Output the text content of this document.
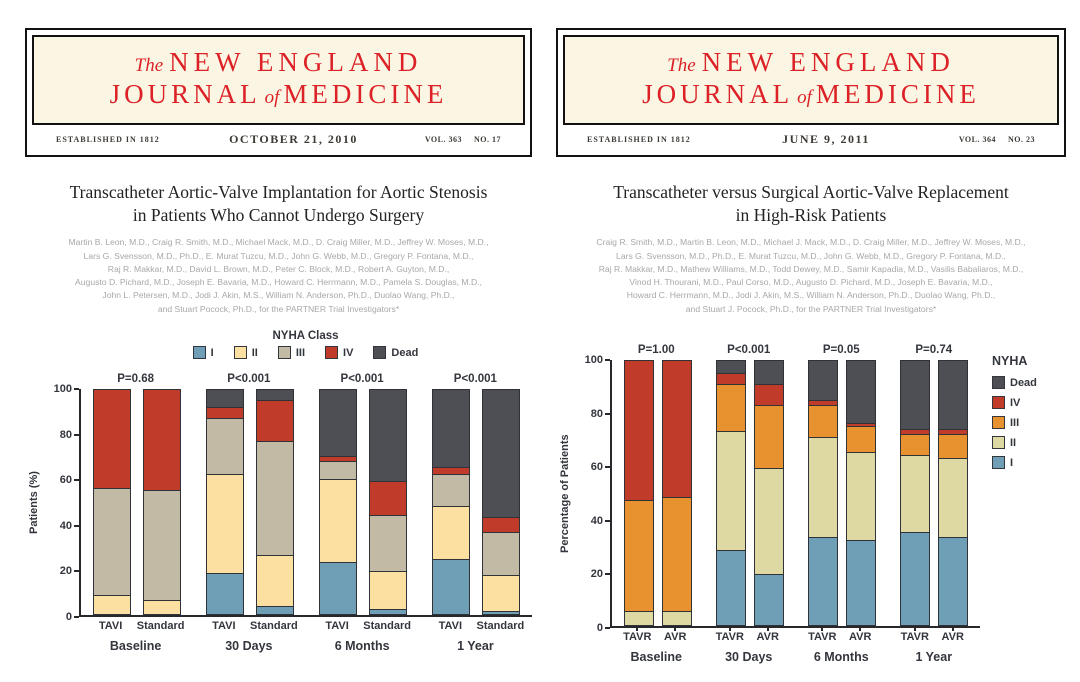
The NEW ENGLAND
JOURNAL of MEDICINE
ESTABLISHED IN 1812	OCTOBER 21, 2010	VOL. 363 NO. 17
Transcatheter Aortic-Valve Implantation for Aortic Stenosis
in Patients Who Cannot Undergo Surgery
Martin B. Leon, M.D., Craig R. Smith, M.D., Michael Mack, M.D., D. Craig Miller, M.D., Jeffrey W. Moses, M.D.,
Lars G. Svensson, M.D., Ph.D., E. Murat Tuzcu, M.D., John G. Webb, M.D., Gregory P. Fontana, M.D.,
Raj R. Makkar, M.D., David L. Brown, M.D., Peter C. Block, M.D., Robert A. Guyton, M.D.,
Augusto D. Pichard, M.D., Joseph E. Bavaria, M.D., Howard C. Herrmann, M.D., Pamela S. Douglas, M.D.,
John L. Petersen, M.D., Jodi J. Akin, M.S., William N. Anderson, Ph.D., Duolao Wang, Ph.D.,
and Stuart Pocock, Ph.D., for the PARTNER Trial Investigators*
NYHA Class
I	II	III	IV	Dead
P=0.68	P<0.001	P<0.001	P<0.001
Patients (%)
0
20
40
60
80
100
TAVI	Standard
Baseline
TAVI	Standard
30 Days
TAVI	Standard
6 Months
TAVI	Standard
1 Year
The NEW ENGLAND
JOURNAL of MEDICINE
ESTABLISHED IN 1812	JUNE 9, 2011	VOL. 364 NO. 23
Transcatheter versus Surgical Aortic-Valve Replacement
in High-Risk Patients
Craig R. Smith, M.D., Martin B. Leon, M.D., Michael J. Mack, M.D., D. Craig Miller, M.D., Jeffrey W. Moses, M.D.,
Lars G. Svensson, M.D., Ph.D., E. Murat Tuzcu, M.D., John G. Webb, M.D., Gregory P. Fontana, M.D.,
Raj R. Makkar, M.D., Mathew Williams, M.D., Todd Dewey, M.D., Samir Kapadia, M.D., Vasilis Babaliaros, M.D.,
Vinod H. Thourani, M.D., Paul Corso, M.D., Augusto D. Pichard, M.D., Joseph E. Bavaria, M.D.,
Howard C. Herrmann, M.D., Jodi J. Akin, M.S., William N. Anderson, Ph.D., Duolao Wang, Ph.D.,
and Stuart J. Pocock, Ph.D., for the PARTNER Trial Investigators*
P=1.00	P<0.001	P=0.05	P=0.74
Percentage of Patients
0
20
40
60
80
100
TAVR	AVR
Baseline
TAVR	AVR
30 Days
TAVR	AVR
6 Months
TAVR	AVR
1 Year
NYHA
Dead
IV
III
II
I
